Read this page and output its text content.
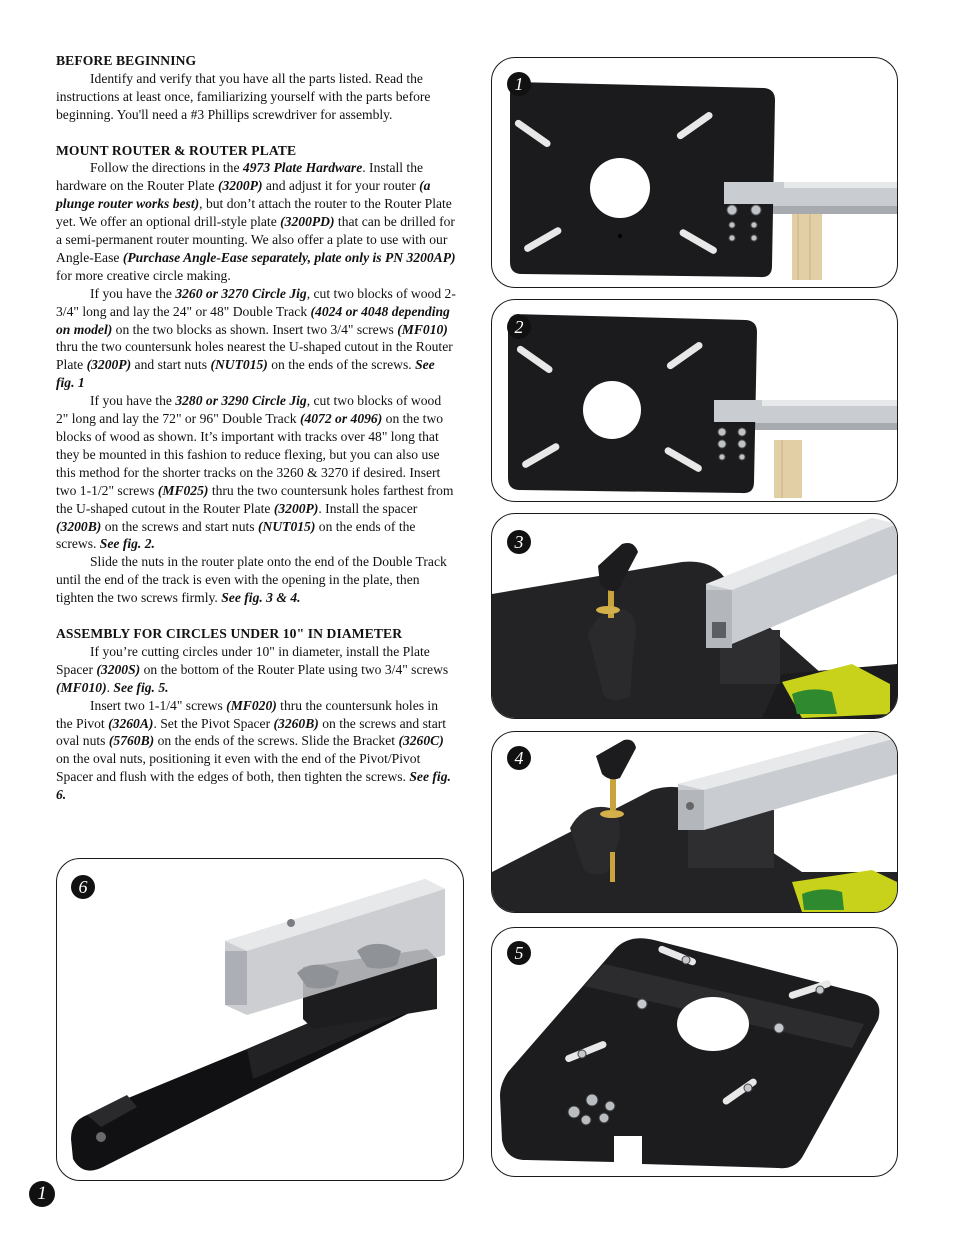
BEFORE BEGINNING

Identify and verify that you have all the parts listed. Read the instructions at least once, familiarizing yourself with the parts before beginning. You'll need a #3 Phillips screwdriver for assembly.

MOUNT ROUTER & ROUTER PLATE

Follow the directions in the 4973 Plate Hardware. Install the hardware on the Router Plate (3200P) and adjust it for your router (a plunge router works best), but don’t attach the router to the Router Plate yet. We offer an optional drill-style plate (3200PD) that can be drilled for a semi-permanent router mounting. We also offer a plate to use with our Angle-Ease (Purchase Angle-Ease separately, plate only is PN 3200AP) for more creative circle making.

If you have the 3260 or 3270 Circle Jig, cut two blocks of wood 2-3/4" long and lay the 24" or 48" Double Track (4024 or 4048 depending on model) on the two blocks as shown. Insert two 3/4" screws (MF010) thru the two countersunk holes nearest the U-shaped cutout in the Router Plate (3200P) and start nuts (NUT015) on the ends of the screws. See fig. 1

If you have the 3280 or 3290 Circle Jig, cut two blocks of wood 2" long and lay the 72" or 96" Double Track (4072 or 4096) on the two blocks of wood as shown. It’s important with tracks over 48" long that they be mounted in this fashion to reduce flexing, but you can also use this method for the shorter tracks on the 3260 & 3270 if desired. Insert two 1-1/2" screws (MF025) thru the two countersunk holes farthest from the U-shaped cutout in the Router Plate (3200P). Install the spacer (3200B) on the screws and start nuts (NUT015) on the ends of the screws. See fig. 2.

Slide the nuts in the router plate onto the end of the Double Track until the end of the track is even with the opening in the plate, then tighten the two screws firmly. See fig. 3 & 4.

ASSEMBLY FOR CIRCLES UNDER 10" IN DIAMETER

If you’re cutting circles under 10" in diameter, install the Plate Spacer (3200S) on the bottom of the Router Plate using two 3/4" screws (MF010). See fig. 5.

Insert two 1-1/4" screws (MF020) thru the countersunk holes in the Pivot (3260A). Set the Pivot Spacer (3260B) on the screws and start oval nuts (5760B) on the ends of the screws. Slide the Bracket (3260C) on the oval nuts, positioning it even with the end of the Pivot/Pivot Spacer and flush with the edges of both, then tighten the screws. See fig. 6.

1
2
3
4
5
6
1
